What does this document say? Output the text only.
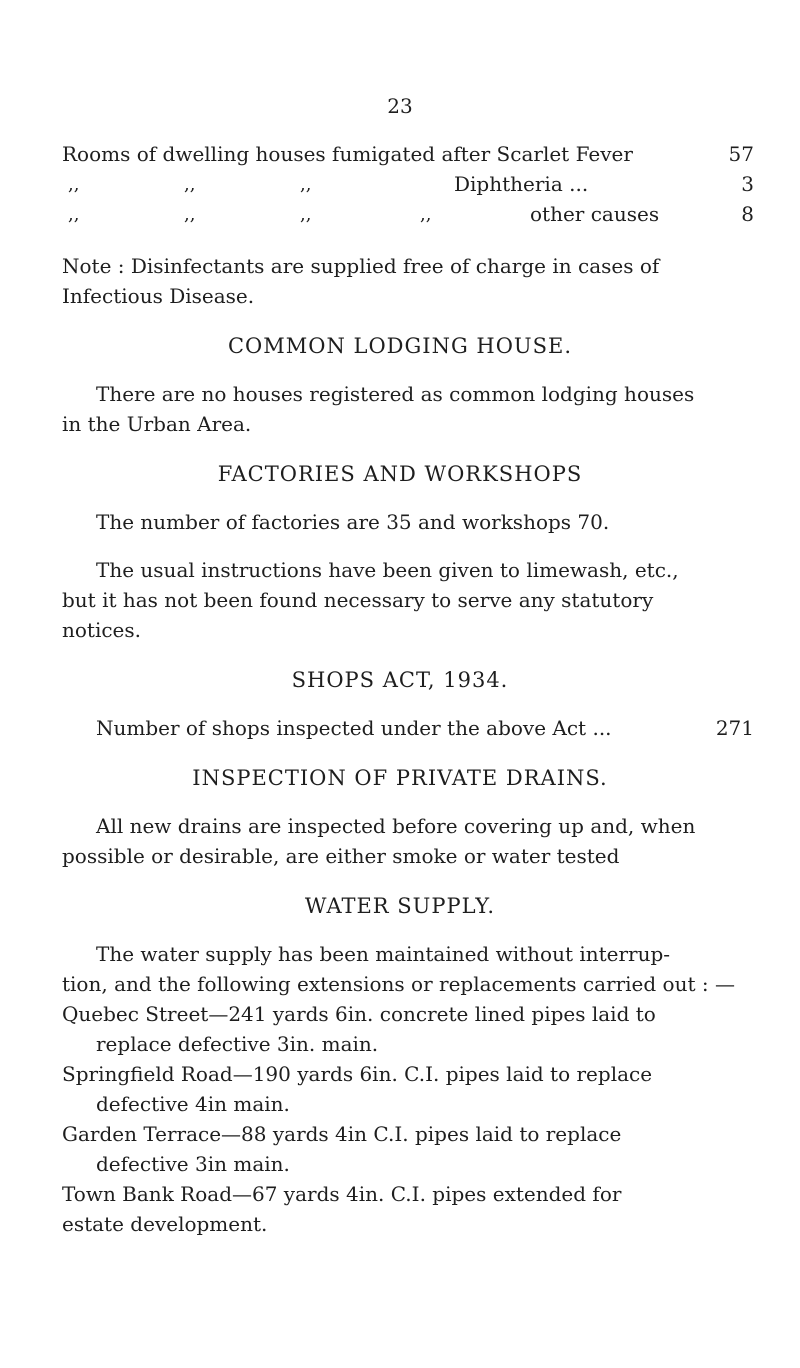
23
Rooms of dwelling houses fumigated after Scarlet Fever	57
,,	,,	,,	Diphtheria ...	3
,,	,,	,,	,,	other causes	8
Note : Disinfectants are supplied free of charge in cases of
Infectious Disease.
COMMON LODGING HOUSE.
There are no houses registered as common lodging houses
in the Urban Area.
FACTORIES AND WORKSHOPS
The number of factories are 35 and workshops 70.
The usual instructions have been given to limewash, etc.,
but it has not been found necessary to serve any statutory
notices.
SHOPS ACT, 1934.
Number of shops inspected under the above Act ...	271
INSPECTION OF PRIVATE DRAINS.
All new drains are inspected before covering up and, when
possible or desirable, are either smoke or water tested
WATER SUPPLY.
The water supply has been maintained without interrup-
tion, and the following extensions or replacements carried out : —
Quebec Street—241 yards 6in. concrete lined pipes laid to
replace defective 3in. main.
Springfield Road—190 yards 6in. C.I. pipes laid to replace
defective 4in main.
Garden Terrace—88 yards 4in C.I. pipes laid to replace
defective 3in main.
Town Bank Road—67 yards 4in. C.I. pipes extended for
estate development.
